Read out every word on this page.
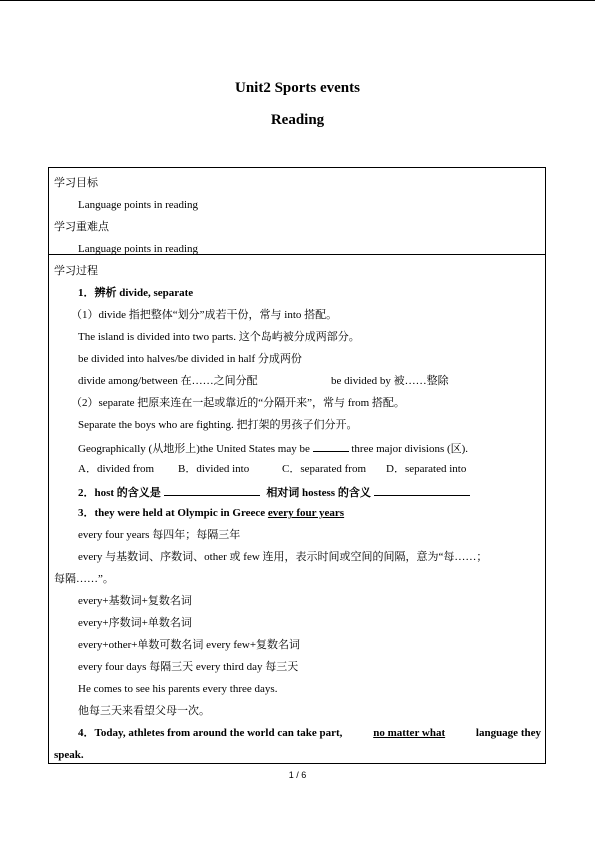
Unit2 Sports events
Reading
学习目标
Language points in reading
学习重难点
Language points in reading
学习过程
1．辨析 divide, separate
（1）divide 指把整体“划分”成若干份，常与 into 搭配。
The island is divided into two parts. 这个岛屿被分成两部分。
be divided into halves/be divided in half 分成两份
divide among/between 在……之间分配	be divided by 被……整除
（2）separate 把原来连在一起或靠近的“分隔开来”，常与 from 搭配。
Separate the boys who are fighting. 把打架的男孩子们分开。
Geographically (从地形上)the United States may be	three major divisions (区).
A．divided from B．divided into	C．separated from D．separated into
2．host 的含义是	相对词 hostess 的含义
3．they were held at Olympic in Greece every four years
every four years 每四年；每隔三年
every 与基数词、序数词、other 或 few 连用，表示时间或空间的间隔，意为“每……；
每隔……”。
every+基数词+复数名词
every+序数词+单数名词
every+other+单数可数名词 every few+复数名词
every four days 每隔三天 every third day 每三天
He comes to see his parents every three days.
他每三天来看望父母一次。
4．Today, athletes from around the world can take part,	no matter what	language they
speak.
1 / 6
